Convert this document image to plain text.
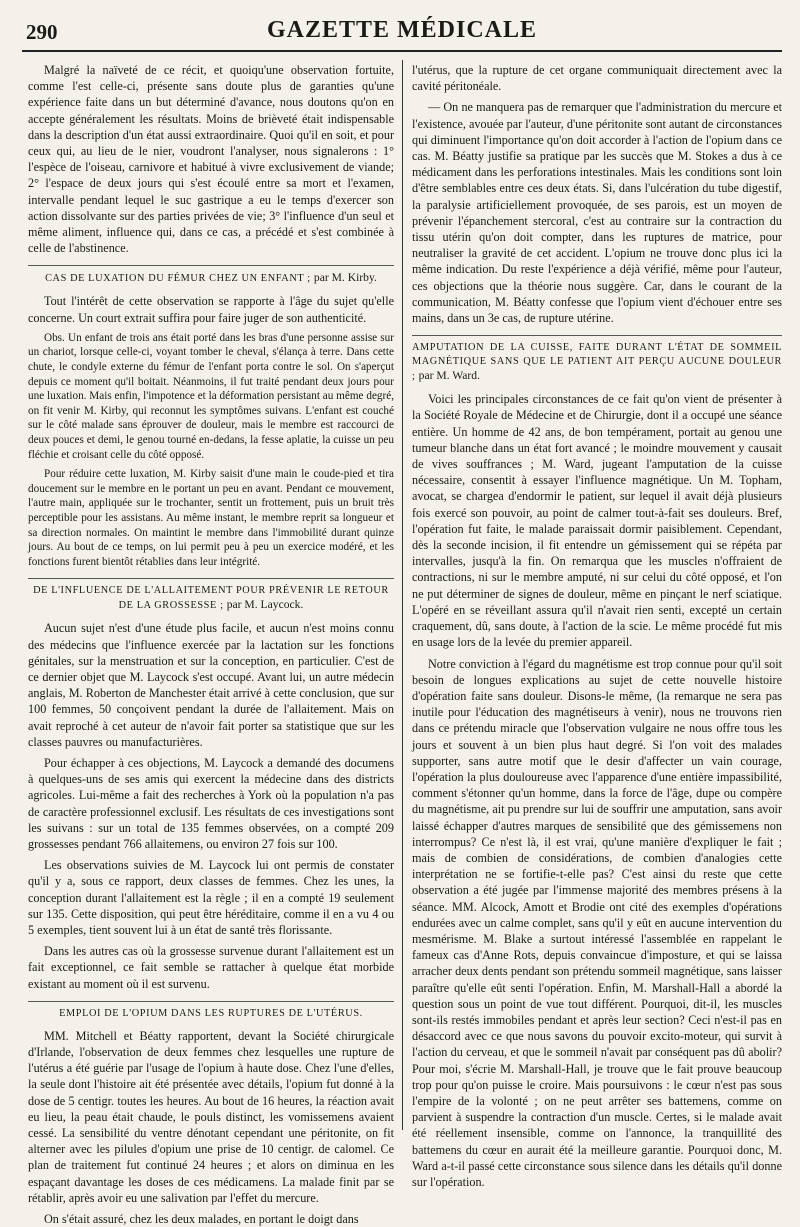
290	GAZETTE MÉDICALE

Malgré la naïveté de ce récit, et quoiqu'une observation fortuite, comme l'est celle-ci, présente sans doute plus de garanties qu'une expérience faite dans un but déterminé d'avance, nous doutons qu'on en accepte généralement les résultats. Moins de brièveté était indispensable dans la description d'un état aussi extraordinaire. Quoi qu'il en soit, et pour ceux qui, au lieu de le nier, voudront l'analyser, nous signalerons : 1° l'espèce de l'oiseau, carnivore et habitué à vivre exclusivement de viande; 2° l'espace de deux jours qui s'est écoulé entre sa mort et l'examen, intervalle pendant lequel le suc gastrique a eu le temps d'exercer son action dissolvante sur des parties privées de vie; 3° l'influence d'un seul et même aliment, influence qui, dans ce cas, a précédé et s'est combinée à celle de l'abstinence.

CAS DE LUXATION DU FÉMUR CHEZ UN ENFANT ; par M. Kirby.

Tout l'intérêt de cette observation se rapporte à l'âge du sujet qu'elle concerne. Un court extrait suffira pour faire juger de son authenticité.

Obs. Un enfant de trois ans était porté dans les bras d'une personne assise sur un chariot, lorsque celle-ci, voyant tomber le cheval, s'élança à terre. Dans cette chute, le condyle externe du fémur de l'enfant porta contre le sol. On s'aperçut depuis ce moment qu'il boitait. Néanmoins, il fut traité pendant deux jours pour une luxation. Mais enfin, l'impotence et la déformation persistant au même degré, on fit venir M. Kirby, qui reconnut les symptômes suivans. L'enfant est couché sur le côté malade sans éprouver de douleur, mais le membre est raccourci de deux pouces et demi, le genou tourné en-dedans, la fesse aplatie, la cuisse un peu fléchie et croisant celle du côté opposé.

Pour réduire cette luxation, M. Kirby saisit d'une main le coude-pied et tira doucement sur le membre en le portant un peu en avant. Pendant ce mouvement, l'autre main, appliquée sur le trochanter, sentit un frottement, puis un bruit très perceptible pour les assistans. Au même instant, le membre reprit sa longueur et sa direction normales. On maintint le membre dans l'immobilité durant quinze jours. Au bout de ce temps, on lui permit peu à peu un exercice modéré, et les fonctions furent bientôt rétablies dans leur intégrité.

DE L'INFLUENCE DE L'ALLAITEMENT POUR PRÉVENIR LE RETOUR DE LA GROSSESSE ; par M. Laycock.

Aucun sujet n'est d'une étude plus facile, et aucun n'est moins connu des médecins que l'influence exercée par la lactation sur les fonctions génitales, sur la menstruation et sur la conception, en particulier. C'est de ce dernier objet que M. Laycock s'est occupé. Avant lui, un autre médecin anglais, M. Roberton de Manchester était arrivé à cette conclusion, que sur 100 femmes, 50 conçoivent pendant la durée de l'allaitement. Mais on avait reproché à cet auteur de n'avoir fait porter sa statistique que sur les classes pauvres ou manufacturières.

Pour échapper à ces objections, M. Laycock a demandé des documens à quelques-uns de ses amis qui exercent la médecine dans des districts agricoles. Lui-même a fait des recherches à York où la population n'a pas de caractère professionnel exclusif. Les résultats de ces investigations sont les suivans : sur un total de 135 femmes observées, on a compté 209 grossesses pendant 766 allaitemens, ou environ 27 fois sur 100.

Les observations suivies de M. Laycock lui ont permis de constater qu'il y a, sous ce rapport, deux classes de femmes. Chez les unes, la conception durant l'allaitement est la règle ; il en a compté 19 seulement sur 135. Cette disposition, qui peut être héréditaire, comme il en a vu 4 ou 5 exemples, tient souvent lui à un état de santé très florissante.

Dans les autres cas où la grossesse survenue durant l'allaitement est un fait exceptionnel, ce fait semble se rattacher à quelque état morbide existant au moment où il est survenu.

EMPLOI DE L'OPIUM DANS LES RUPTURES DE L'UTÉRUS.

MM. Mitchell et Béatty rapportent, devant la Société chirurgicale d'Irlande, l'observation de deux femmes chez lesquelles une rupture de l'utérus a été guérie par l'usage de l'opium à haute dose. Chez l'une d'elles, la seule dont l'histoire ait été présentée avec détails, l'opium fut donné à la dose de 5 centigr. toutes les heures. Au bout de 16 heures, la réaction avait eu lieu, la peau était chaude, le pouls distinct, les vomissemens avaient cessé. La sensibilité du ventre dénotant cependant une péritonite, on fit alterner avec les pilules d'opium une prise de 10 centigr. de calomel. Ce plan de traitement fut continué 24 heures ; et alors on diminua en les espaçant davantage les doses de ces médicamens. La malade finit par se rétablir, après avoir eu une salivation par l'effet du mercure.

On s'était assuré, chez les deux malades, en portant le doigt dans

l'utérus, que la rupture de cet organe communiquait directement avec la cavité péritonéale.

— On ne manquera pas de remarquer que l'administration du mercure et l'existence, avouée par l'auteur, d'une péritonite sont autant de circonstances qui diminuent l'importance qu'on doit accorder à l'action de l'opium dans ce cas. M. Béatty justifie sa pratique par les succès que M. Stokes a dus à ce médicament dans les perforations intestinales. Mais les conditions sont loin d'être semblables entre ces deux états. Si, dans l'ulcération du tube digestif, la paralysie artificiellement provoquée, de ses parois, est un moyen de prévenir l'épanchement stercoral, c'est au contraire sur la contraction du tissu utérin qu'on doit compter, dans les ruptures de matrice, pour neutraliser la gravité de cet accident. L'opium ne trouve donc plus ici la même indication. Du reste l'expérience a déjà vérifié, même pour l'auteur, ces objections que la théorie nous suggère. Car, dans le courant de la communication, M. Béatty confesse que l'opium vient d'échouer entre ses mains, dans un 3e cas, de rupture utérine.

AMPUTATION DE LA CUISSE, FAITE DURANT L'ÉTAT DE SOMMEIL MAGNÉTIQUE SANS QUE LE PATIENT AIT PERÇU AUCUNE DOULEUR ; par M. Ward.

Voici les principales circonstances de ce fait qu'on vient de présenter à la Société Royale de Médecine et de Chirurgie, dont il a occupé une séance entière. Un homme de 42 ans, de bon tempérament, portait au genou une tumeur blanche dans un état fort avancé ; le moindre mouvement y causait de vives souffrances ; M. Ward, jugeant l'amputation de la cuisse nécessaire, consentit à essayer l'influence magnétique. Un M. Topham, avocat, se chargea d'endormir le patient, sur lequel il avait déjà plusieurs fois exercé son pouvoir, au point de calmer tout-à-fait ses douleurs. Bref, l'opération fut faite, le malade paraissait dormir paisiblement. Cependant, dès la seconde incision, il fit entendre un gémissement qui se répéta par intervalles, jusqu'à la fin. On remarqua que les muscles n'offraient de contractions, ni sur le membre amputé, ni sur celui du côté opposé, et l'on ne put déterminer de signes de douleur, même en pinçant le nerf sciatique. L'opéré en se réveillant assura qu'il n'avait rien senti, excepté un certain craquement, dû, sans doute, à l'action de la scie. Le même procédé fut mis en usage lors de la levée du premier appareil.

Notre conviction à l'égard du magnétisme est trop connue pour qu'il soit besoin de longues explications au sujet de cette nouvelle histoire d'opération faite sans douleur. Disons-le même, (la remarque ne sera pas inutile pour l'éducation des magnétiseurs à venir), nous ne trouvons rien dans ce prétendu miracle que l'observation vulgaire ne nous offre tous les jours et souvent à un bien plus haut degré. Si l'on voit des malades supporter, sans autre motif que le desir d'affecter un vain courage, l'opération la plus douloureuse avec l'apparence d'une entière impassibilité, comment s'étonner qu'un homme, dans la force de l'âge, dupe ou compère du magnétisme, ait pu prendre sur lui de souffrir une amputation, sans avoir laissé échapper d'autres marques de sensibilité que des gémissemens non interrompus? Ce n'est là, il est vrai, qu'une manière d'expliquer le fait ; mais de combien de considérations, de combien d'analogies cette interprétation ne se fortifie-t-elle pas? C'est ainsi du reste que cette observation a été jugée par l'immense majorité des membres présens à la séance. MM. Alcock, Amott et Brodie ont cité des exemples d'opérations endurées avec un calme complet, sans qu'il y eût en aucune intervention du mesmérisme. M. Blake a surtout intéressé l'assemblée en rappelant le fameux cas d'Anne Rots, depuis convaincue d'imposture, et qui se laissa arracher deux dents pendant son prétendu sommeil magnétique, sans laisser paraître qu'elle eût senti l'opération. Enfin, M. Marshall-Hall a abordé la question sous un point de vue tout différent. Pourquoi, dit-il, les muscles sont-ils restés immobiles pendant et après leur section? Ceci n'est-il pas en désaccord avec ce que nous savons du pouvoir excito-moteur, qui survit à l'action du cerveau, et que le sommeil n'avait par conséquent pas dû abolir? Pour moi, s'écrie M. Marshall-Hall, je trouve que le fait prouve beaucoup trop pour qu'on puisse le croire. Mais poursuivons : le cœur n'est pas sous l'empire de la volonté ; on ne peut arrêter ses battemens, comme on parvient à suspendre la contraction d'un muscle. Certes, si le malade avait été réellement insensible, comme on l'annonce, la tranquillité des battemens du cœur en aurait été la meilleure garantie. Pourquoi donc, M. Ward a-t-il passé cette circonstance sous silence dans les détails qu'il donne sur l'opération.
